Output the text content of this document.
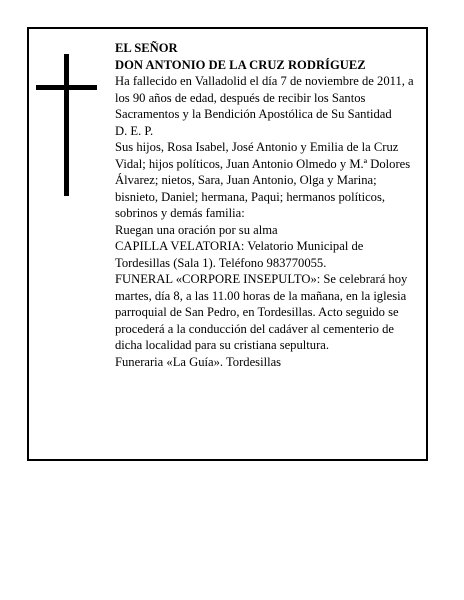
EL SEÑOR

DON ANTONIO DE LA CRUZ RODRÍGUEZ

Ha fallecido en Valladolid el día 7 de noviembre de 2011, a los 90 años de edad, después de recibir los Santos Sacramentos y la Bendición Apostólica de Su Santidad

D. E. P.

Sus hijos, Rosa Isabel, José Antonio y Emilia de la Cruz Vidal; hijos políticos, Juan Antonio Olmedo y M.ª Dolores Álvarez; nietos, Sara, Juan Antonio, Olga y Marina; bisnieto, Daniel; hermana, Paqui; hermanos políticos, sobrinos y demás familia:

Ruegan una oración por su alma

CAPILLA VELATORIA: Velatorio Municipal de Tordesillas (Sala 1). Teléfono 983770055.

FUNERAL «CORPORE INSEPULTO»: Se celebrará hoy martes, día 8, a las 11.00 horas de la mañana, en la iglesia parroquial de San Pedro, en Tordesillas. Acto seguido se procederá a la conducción del cadáver al cementerio de dicha localidad para su cristiana sepultura.

Funeraria «La Guía». Tordesillas
